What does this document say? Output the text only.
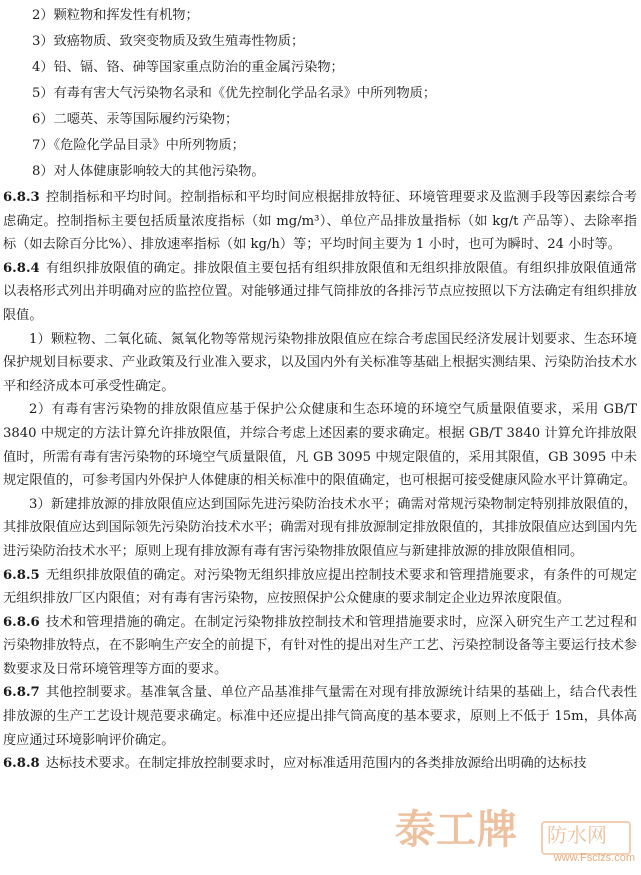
2）颗粒物和挥发性有机物；

3）致癌物质、致突变物质及致生殖毒性物质；

4）铅、镉、铬、砷等国家重点防治的重金属污染物；

5）有毒有害大气污染物名录和《优先控制化学品名录》中所列物质；

6）二噁英、汞等国际履约污染物；

7）《危险化学品目录》中所列物质；

8）对人体健康影响较大的其他污染物。

6.8.3 控制指标和平均时间。控制指标和平均时间应根据排放特征、环境管理要求及监测手段等因素综合考虑确定。控制指标主要包括质量浓度指标（如 mg/m³）、单位产品排放量指标（如 kg/t 产品等）、去除率指标（如去除百分比%）、排放速率指标（如 kg/h）等；平均时间主要为 1 小时，也可为瞬时、24 小时等。

6.8.4 有组织排放限值的确定。排放限值主要包括有组织排放限值和无组织排放限值。有组织排放限值通常以表格形式列出并明确对应的监控位置。对能够通过排气筒排放的各排污节点应按照以下方法确定有组织排放限值。

1）颗粒物、二氧化硫、氮氧化物等常规污染物排放限值应在综合考虑国民经济发展计划要求、生态环境保护规划目标要求、产业政策及行业准入要求，以及国内外有关标准等基础上根据实测结果、污染防治技术水平和经济成本可承受性确定。

2）有毒有害污染物的排放限值应基于保护公众健康和生态环境的环境空气质量限值要求，采用 GB/T 3840 中规定的方法计算允许排放限值，并综合考虑上述因素的要求确定。根据 GB/T 3840 计算允许排放限值时，所需有毒有害污染物的环境空气质量限值，凡 GB 3095 中规定限值的，采用其限值，GB 3095 中未规定限值的，可参考国内外保护人体健康的相关标准中的限值确定，也可根据可接受健康风险水平计算确定。

3）新建排放源的排放限值应达到国际先进污染防治技术水平；确需对常规污染物制定特别排放限值的，其排放限值应达到国际领先污染防治技术水平；确需对现有排放源制定排放限值的，其排放限值应达到国内先进污染防治技术水平；原则上现有排放源有毒有害污染物排放限值应与新建排放源的排放限值相同。

6.8.5 无组织排放限值的确定。对污染物无组织排放应提出控制技术要求和管理措施要求，有条件的可规定无组织排放厂区内限值；对有毒有害污染物，应按照保护公众健康的要求制定企业边界浓度限值。

6.8.6 技术和管理措施的确定。在制定污染物排放控制技术和管理措施要求时，应深入研究生产工艺过程和污染物排放特点，在不影响生产安全的前提下，有针对性的提出对生产工艺、污染控制设备等主要运行技术参数要求及日常环境管理等方面的要求。

6.8.7 其他控制要求。基准氧含量、单位产品基准排气量需在对现有排放源统计结果的基础上，结合代表性排放源的生产工艺设计规范要求确定。标准中还应提出排气筒高度的基本要求，原则上不低于 15m，具体高度应通过环境影响评价确定。

6.8.8 达标技术要求。在制定排放控制要求时，应对标准适用范围内的各类排放源给出明确的达标技

泰工牌 防水网
www.Fsclzs.com
